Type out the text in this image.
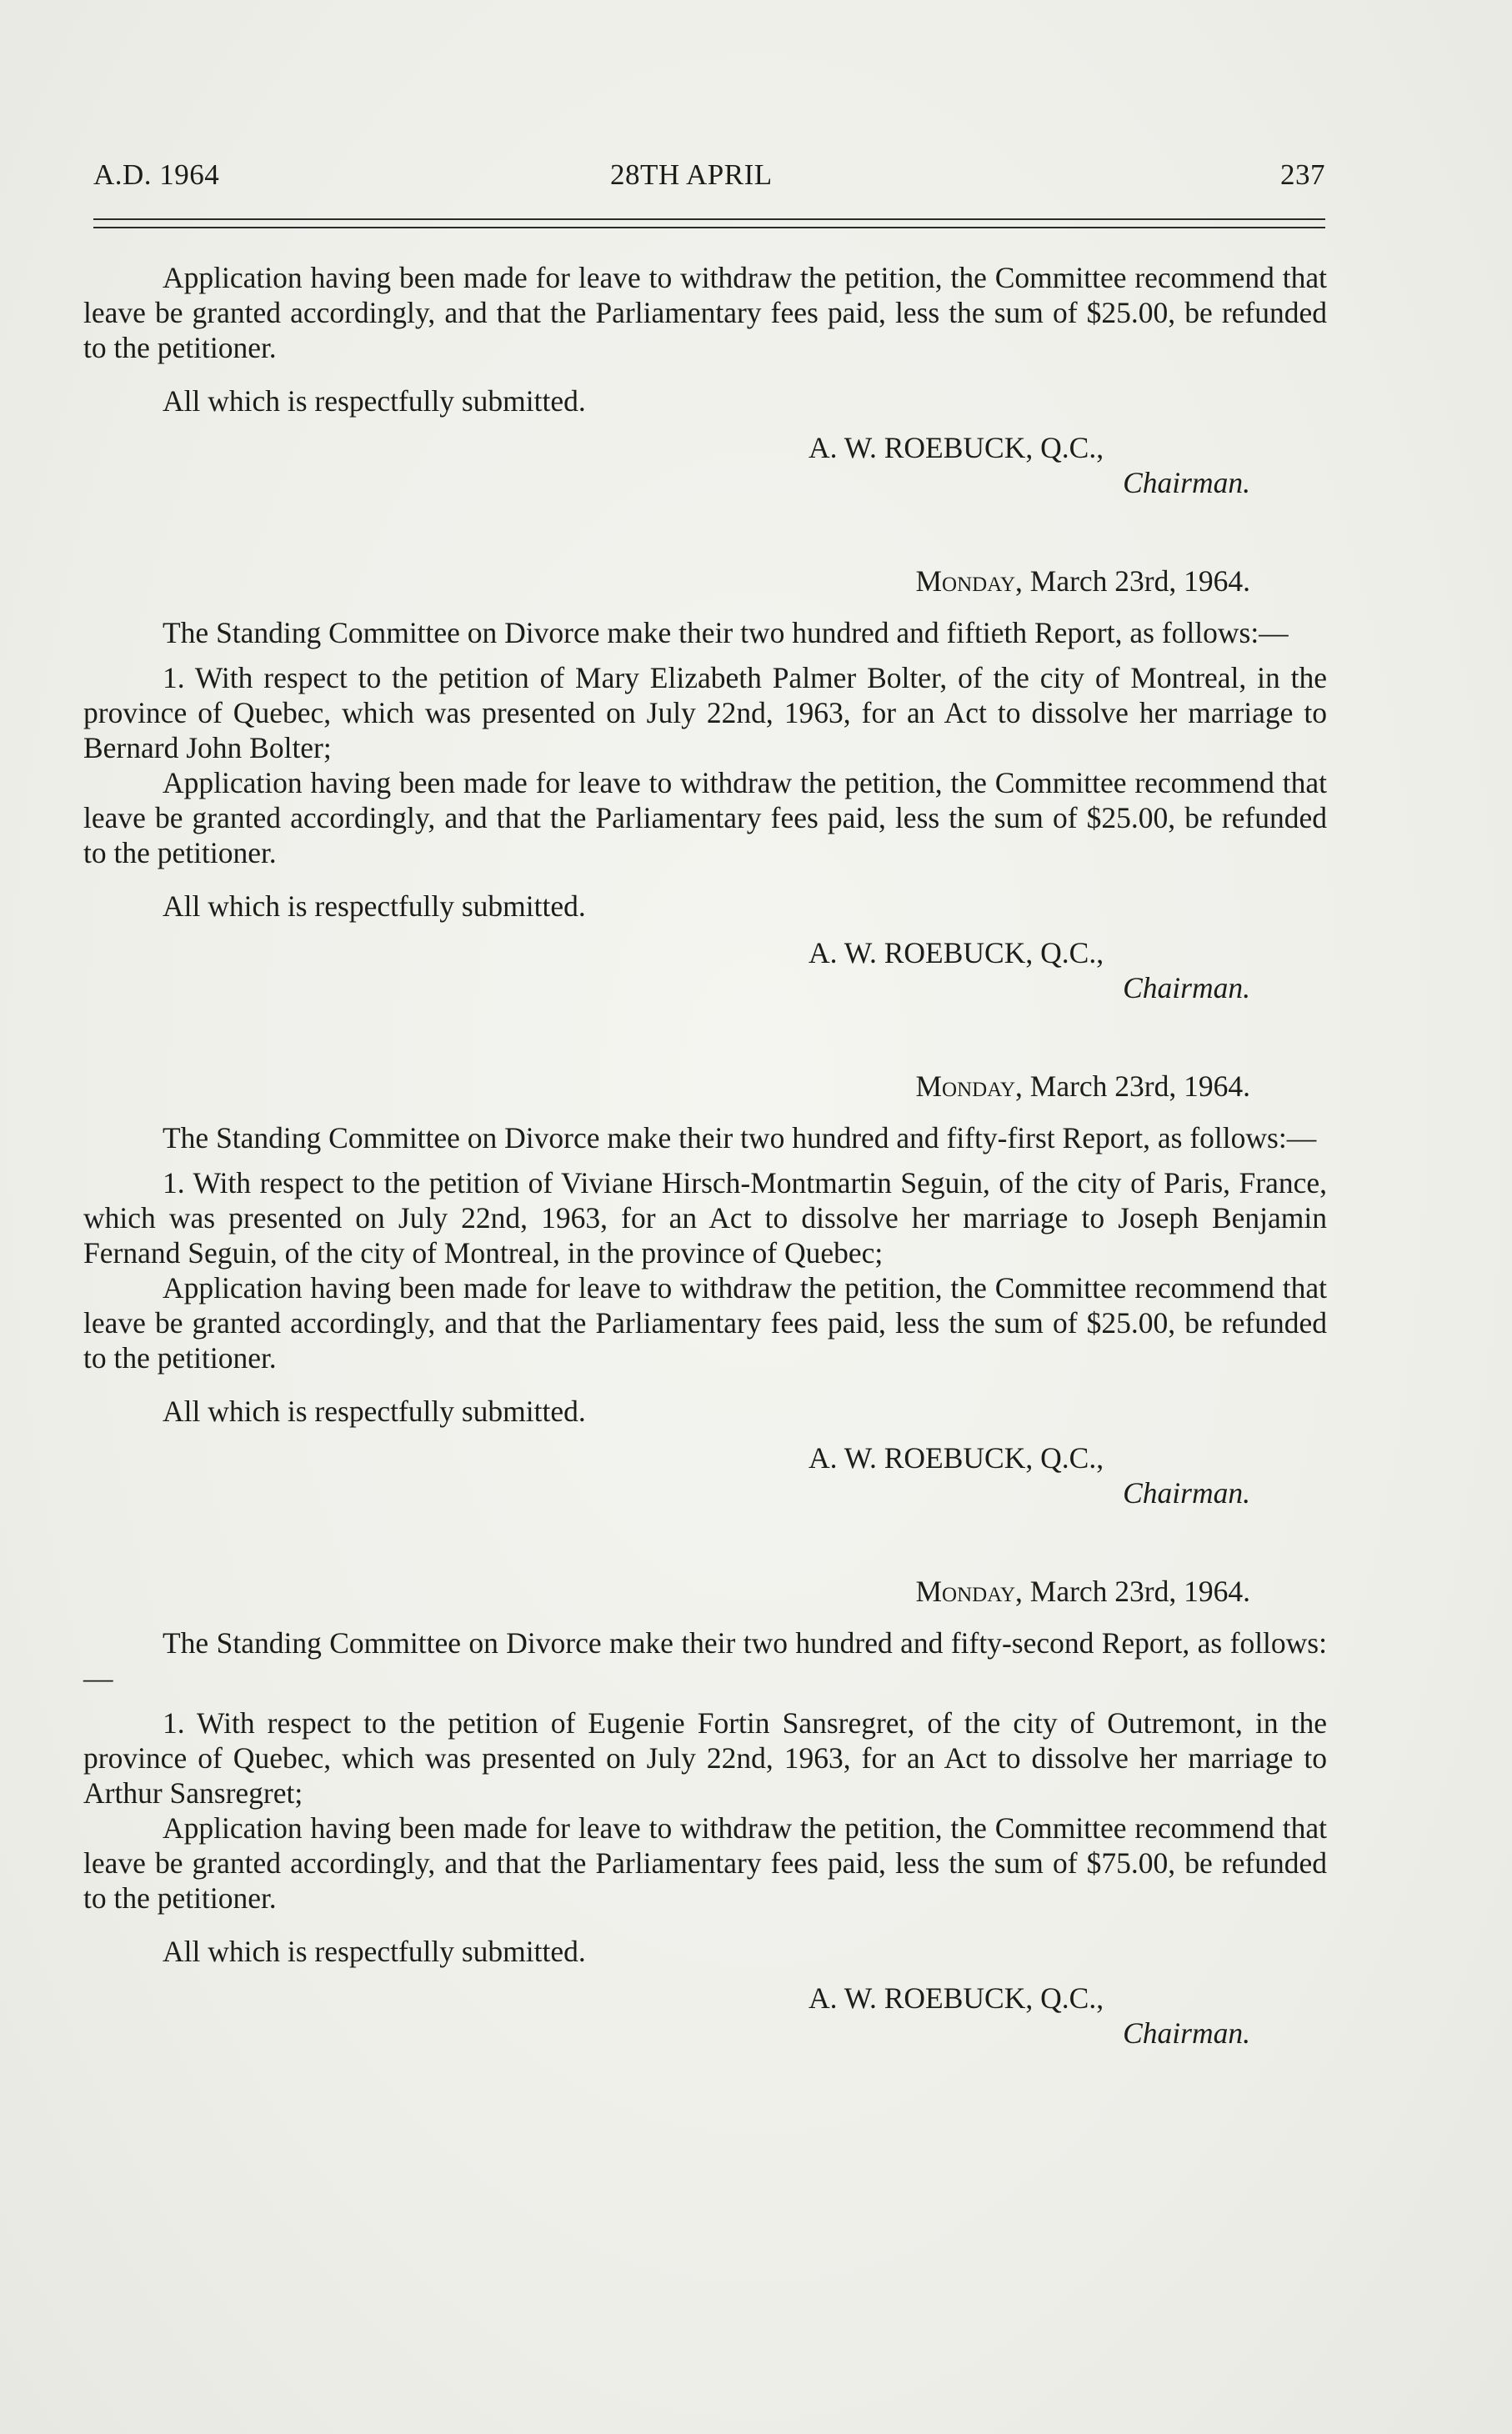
A.D. 1964	28TH APRIL	237

Application having been made for leave to withdraw the petition, the Committee recommend that leave be granted accordingly, and that the Parliamentary fees paid, less the sum of $25.00, be refunded to the petitioner.

All which is respectfully submitted.

A. W. ROEBUCK, Q.C.,

Chairman.

Monday, March 23rd, 1964.

The Standing Committee on Divorce make their two hundred and fiftieth Report, as follows:—

1. With respect to the petition of Mary Elizabeth Palmer Bolter, of the city of Montreal, in the province of Quebec, which was presented on July 22nd, 1963, for an Act to dissolve her marriage to Bernard John Bolter;

Application having been made for leave to withdraw the petition, the Committee recommend that leave be granted accordingly, and that the Parliamentary fees paid, less the sum of $25.00, be refunded to the petitioner.

All which is respectfully submitted.

A. W. ROEBUCK, Q.C.,

Chairman.

Monday, March 23rd, 1964.

The Standing Committee on Divorce make their two hundred and fifty-first Report, as follows:—

1. With respect to the petition of Viviane Hirsch-Montmartin Seguin, of the city of Paris, France, which was presented on July 22nd, 1963, for an Act to dissolve her marriage to Joseph Benjamin Fernand Seguin, of the city of Montreal, in the province of Quebec;

Application having been made for leave to withdraw the petition, the Committee recommend that leave be granted accordingly, and that the Parliamentary fees paid, less the sum of $25.00, be refunded to the petitioner.

All which is respectfully submitted.

A. W. ROEBUCK, Q.C.,

Chairman.

Monday, March 23rd, 1964.

The Standing Committee on Divorce make their two hundred and fifty-second Report, as follows:—

1. With respect to the petition of Eugenie Fortin Sansregret, of the city of Outremont, in the province of Quebec, which was presented on July 22nd, 1963, for an Act to dissolve her marriage to Arthur Sansregret;

Application having been made for leave to withdraw the petition, the Committee recommend that leave be granted accordingly, and that the Parliamentary fees paid, less the sum of $75.00, be refunded to the petitioner.

All which is respectfully submitted.

A. W. ROEBUCK, Q.C.,

Chairman.
